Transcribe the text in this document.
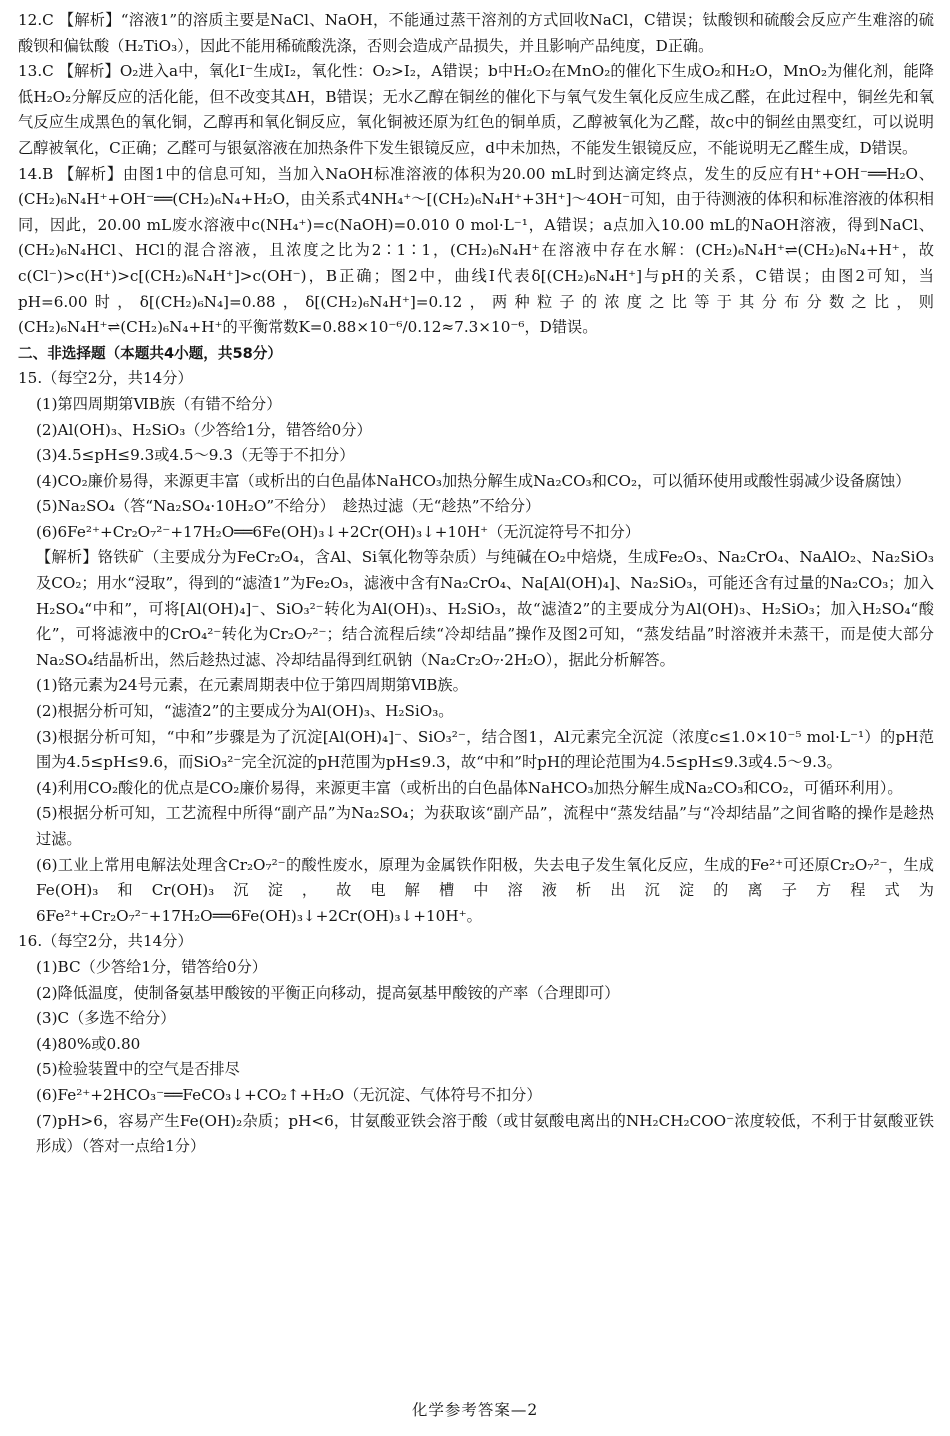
12.C 【解析】“溶液1”的溶质主要是NaCl、NaOH，不能通过蒸干溶剂的方式回收NaCl，C错误；钛酸钡和硫酸会反应产生难溶的硫酸钡和偏钛酸（H₂TiO₃），因此不能用稀硫酸洗涤，否则会造成产品损失，并且影响产品纯度，D正确。

13.C 【解析】O₂进入a中，氧化I⁻生成I₂，氧化性：O₂>I₂，A错误；b中H₂O₂在MnO₂的催化下生成O₂和H₂O，MnO₂为催化剂，能降低H₂O₂分解反应的活化能，但不改变其ΔH，B错误；无水乙醇在铜丝的催化下与氧气发生氧化反应生成乙醛，在此过程中，铜丝先和氧气反应生成黑色的氧化铜，乙醇再和氧化铜反应，氧化铜被还原为红色的铜单质，乙醇被氧化为乙醛，故c中的铜丝由黑变红，可以说明乙醇被氧化，C正确；乙醛可与银氨溶液在加热条件下发生银镜反应，d中未加热，不能发生银镜反应，不能说明无乙醛生成，D错误。

14.B 【解析】由图1中的信息可知，当加入NaOH标准溶液的体积为20.00 mL时到达滴定终点，发生的反应有H⁺+OH⁻══H₂O、(CH₂)₆N₄H⁺+OH⁻══(CH₂)₆N₄+H₂O，由关系式4NH₄⁺～[(CH₂)₆N₄H⁺+3H⁺]～4OH⁻可知，由于待测液的体积和标准溶液的体积相同，因此，20.00 mL废水溶液中c(NH₄⁺)=c(NaOH)=0.010 0 mol·L⁻¹，A错误；a点加入10.00 mL的NaOH溶液，得到NaCl、(CH₂)₆N₄HCl、HCl的混合溶液，且浓度之比为2∶1∶1，(CH₂)₆N₄H⁺在溶液中存在水解：(CH₂)₆N₄H⁺⇌(CH₂)₆N₄+H⁺，故c(Cl⁻)>c(H⁺)>c[(CH₂)₆N₄H⁺]>c(OH⁻)，B正确；图2中，曲线Ⅰ代表δ[(CH₂)₆N₄H⁺]与pH的关系，C错误；由图2可知，当pH=6.00时，δ[(CH₂)₆N₄]=0.88，δ[(CH₂)₆N₄H⁺]=0.12，两种粒子的浓度之比等于其分布分数之比，则(CH₂)₆N₄H⁺⇌(CH₂)₆N₄+H⁺的平衡常数K=0.88×10⁻⁶/0.12≈7.3×10⁻⁶，D错误。

二、非选择题（本题共4小题，共58分）

15.（每空2分，共14分）

(1)第四周期第ⅥB族（有错不给分）

(2)Al(OH)₃、H₂SiO₃（少答给1分，错答给0分）

(3)4.5≤pH≤9.3或4.5～9.3（无等于不扣分）

(4)CO₂廉价易得，来源更丰富（或析出的白色晶体NaHCO₃加热分解生成Na₂CO₃和CO₂，可以循环使用或酸性弱减少设备腐蚀）

(5)Na₂SO₄（答“Na₂SO₄·10H₂O”不给分）　趁热过滤（无“趁热”不给分）

(6)6Fe²⁺+Cr₂O₇²⁻+17H₂O══6Fe(OH)₃↓+2Cr(OH)₃↓+10H⁺（无沉淀符号不扣分）

【解析】铬铁矿（主要成分为FeCr₂O₄，含Al、Si氧化物等杂质）与纯碱在O₂中焙烧，生成Fe₂O₃、Na₂CrO₄、NaAlO₂、Na₂SiO₃及CO₂；用水“浸取”，得到的“滤渣1”为Fe₂O₃，滤液中含有Na₂CrO₄、Na[Al(OH)₄]、Na₂SiO₃，可能还含有过量的Na₂CO₃；加入H₂SO₄“中和”，可将[Al(OH)₄]⁻、SiO₃²⁻转化为Al(OH)₃、H₂SiO₃，故“滤渣2”的主要成分为Al(OH)₃、H₂SiO₃；加入H₂SO₄“酸化”，可将滤液中的CrO₄²⁻转化为Cr₂O₇²⁻；结合流程后续“冷却结晶”操作及图2可知，“蒸发结晶”时溶液并未蒸干，而是使大部分Na₂SO₄结晶析出，然后趁热过滤、冷却结晶得到红矾钠（Na₂Cr₂O₇·2H₂O），据此分析解答。

(1)铬元素为24号元素，在元素周期表中位于第四周期第ⅥB族。

(2)根据分析可知，“滤渣2”的主要成分为Al(OH)₃、H₂SiO₃。

(3)根据分析可知，“中和”步骤是为了沉淀[Al(OH)₄]⁻、SiO₃²⁻，结合图1，Al元素完全沉淀（浓度c≤1.0×10⁻⁵ mol·L⁻¹）的pH范围为4.5≤pH≤9.6，而SiO₃²⁻完全沉淀的pH范围为pH≤9.3，故“中和”时pH的理论范围为4.5≤pH≤9.3或4.5～9.3。

(4)利用CO₂酸化的优点是CO₂廉价易得，来源更丰富（或析出的白色晶体NaHCO₃加热分解生成Na₂CO₃和CO₂，可循环利用）。

(5)根据分析可知，工艺流程中所得“副产品”为Na₂SO₄；为获取该“副产品”，流程中“蒸发结晶”与“冷却结晶”之间省略的操作是趁热过滤。

(6)工业上常用电解法处理含Cr₂O₇²⁻的酸性废水，原理为金属铁作阳极，失去电子发生氧化反应，生成的Fe²⁺可还原Cr₂O₇²⁻，生成Fe(OH)₃和Cr(OH)₃沉淀，故电解槽中溶液析出沉淀的离子方程式为6Fe²⁺+Cr₂O₇²⁻+17H₂O══6Fe(OH)₃↓+2Cr(OH)₃↓+10H⁺。

16.（每空2分，共14分）

(1)BC（少答给1分，错答给0分）

(2)降低温度，使制备氨基甲酸铵的平衡正向移动，提高氨基甲酸铵的产率（合理即可）

(3)C（多选不给分）

(4)80%或0.80

(5)检验装置中的空气是否排尽

(6)Fe²⁺+2HCO₃⁻══FeCO₃↓+CO₂↑+H₂O（无沉淀、气体符号不扣分）

(7)pH>6，容易产生Fe(OH)₂杂质；pH<6，甘氨酸亚铁会溶于酸（或甘氨酸电离出的NH₂CH₂COO⁻浓度较低，不利于甘氨酸亚铁形成）（答对一点给1分）

化学参考答案—2
